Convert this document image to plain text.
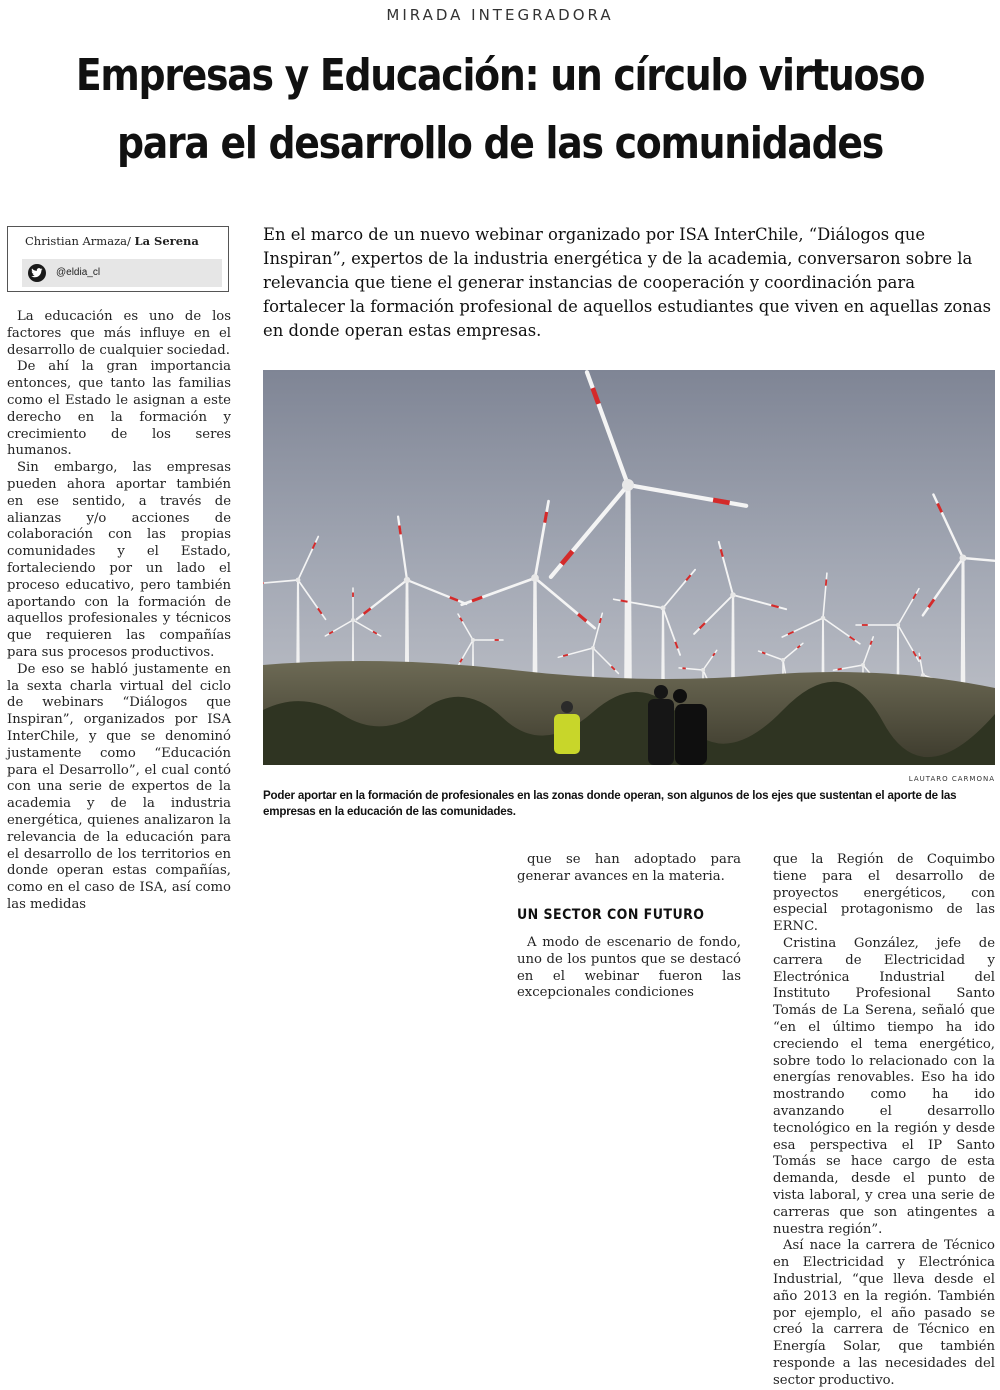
MIRADA INTEGRADORA
Empresas y Educación: un círculo virtuoso
para el desarrollo de las comunidades
Christian Armaza/ La Serena
@eldia_cl

La educación es uno de los factores que más influye en el desarrollo de cualquier sociedad.

De ahí la gran importancia entonces, que tanto las familias como el Estado le asignan a este derecho en la formación y crecimiento de los seres humanos.

Sin embargo, las empresas pueden ahora aportar también en ese sentido, a través de alianzas y/o acciones de colaboración con las propias comunidades y el Estado, fortaleciendo por un lado el proceso educativo, pero también aportando con la formación de aquellos profesionales y técnicos que requieren las compañías para sus procesos productivos.

De eso se habló justamente en la sexta charla virtual del ciclo de webinars “Diálogos que Inspiran”, organizados por ISA InterChile, y que se denominó justamente como “Educación para el Desarrollo”, el cual contó con una serie de expertos de la academia y de la industria energética, quienes analizaron la relevancia de la educación para el desarrollo de los territorios en donde operan estas compañías, como en el caso de ISA, así como las medidas

En el marco de un nuevo webinar organizado por ISA InterChile, “Diálogos que Inspiran”, expertos de la industria energética y de la academia, conversaron sobre la relevancia que tiene el generar instancias de cooperación y coordinación para fortalecer la formación profesional de aquellos estudiantes que viven en aquellas zonas en donde operan estas empresas.
LAUTARO CARMONA
Poder aportar en la formación de profesionales en las zonas donde operan, son algunos de los ejes que sustentan el aporte de las empresas en la educación de las comunidades.

que se han adoptado para generar avances en la materia.

UN SECTOR CON FUTURO

A modo de escenario de fondo, uno de los puntos que se destacó en el webinar fueron las excepcionales condiciones

que la Región de Coquimbo tiene para el desarrollo de proyectos energéticos, con especial protagonismo de las ERNC.

Cristina González, jefe de carrera de Electricidad y Electrónica Industrial del Instituto Profesional Santo Tomás de La Serena, señaló que “en el último tiempo ha ido creciendo el tema energético, sobre todo lo relacionado con la energías renovables. Eso ha ido mostrando como ha ido avanzando el desarrollo tecnológico en la región y desde esa perspectiva el IP Santo Tomás se hace cargo de esta demanda, desde el punto de vista laboral, y crea una serie de carreras que son atingentes a nuestra región”.

Así nace la carrera de Técnico en Electricidad y Electrónica Industrial, “que lleva desde el año 2013 en la región. También por ejemplo, el año pasado se creó la carrera de Técnico en Energía Solar, que también responde a las necesidades del sector productivo.
